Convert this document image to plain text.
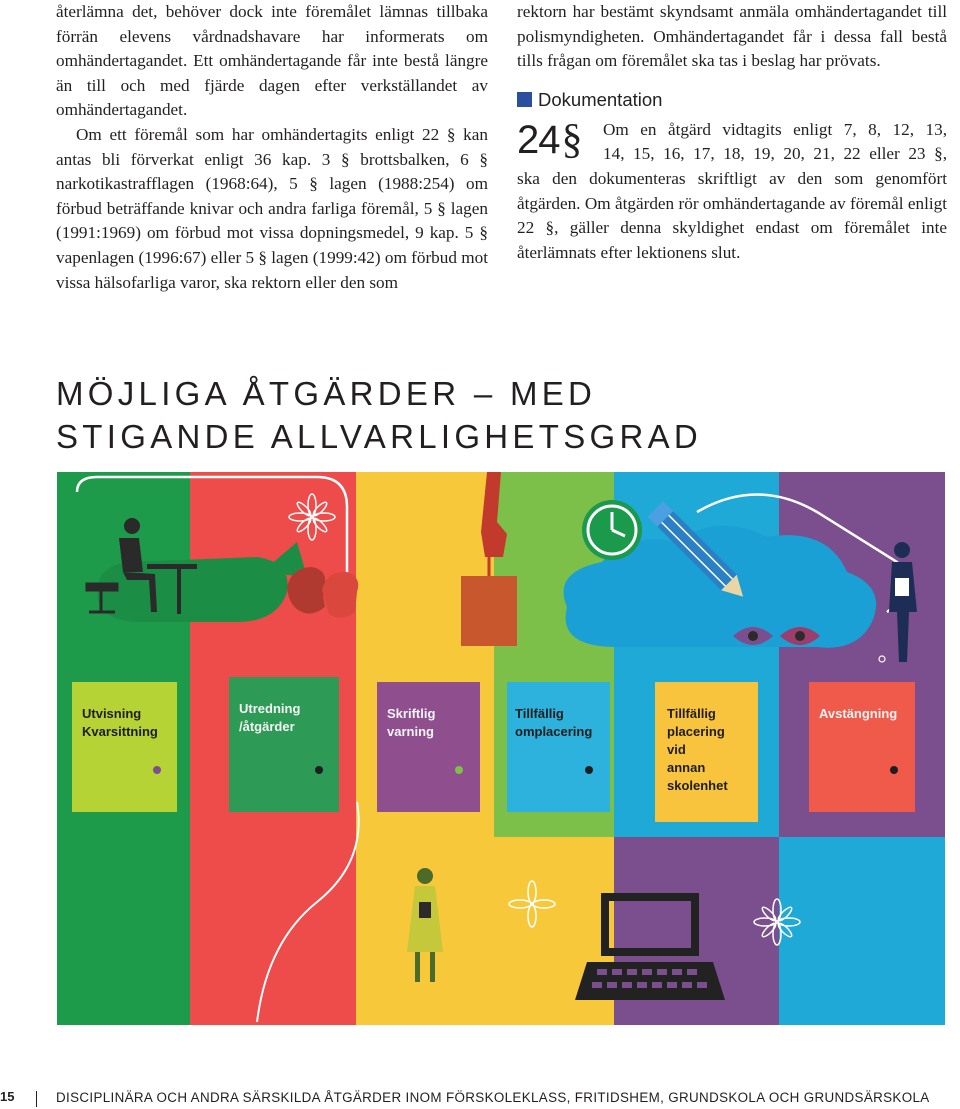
återlämna det, behöver dock inte föremålet lämnas tillbaka förrän elevens vårdnadshavare har informerats om omhändertagandet. Ett omhändertagande får inte bestå längre än till och med fjärde dagen efter verkställandet av omhändertagandet.

Om ett föremål som har omhändertagits enligt 22 § kan antas bli förverkat enligt 36 kap. 3 § brottsbalken, 6 § narkotikastrafflagen (1968:64), 5 § lagen (1988:254) om förbud beträffande knivar och andra farliga föremål, 5 § lagen (1991:1969) om förbud mot vissa dopningsmedel, 9 kap. 5 § vapenlagen (1996:67) eller 5 § lagen (1999:42) om förbud mot vissa hälsofarliga varor, ska rektorn eller den som

rektorn har bestämt skyndsamt anmäla omhändertagandet till polismyndigheten. Omhändertagandet får i dessa fall bestå tills frågan om föremålet ska tas i beslag har prövats.

Dokumentation
24§ Om en åtgärd vidtagits enligt 7, 8, 12, 13,
14, 15, 16, 17, 18, 19, 20, 21, 22 eller 23 §,
ska den dokumenteras skriftligt av den som genomfört åtgärden. Om åtgärden rör omhändertagande av föremål enligt 22 §, gäller denna skyldighet endast om föremålet inte återlämnats efter lektionens slut.

MÖJLIGA ÅTGÄRDER – MED
STIGANDE ALLVARLIGHETSGRAD
Utvisning
Kvarsittning
Utredning
/åtgärder
Skriftlig
varning
Tillfällig
omplacering
Tillfällig
placering
vid
annan
skolenhet
Avstängning
15	DISCIPLINÄRA OCH ANDRA SÄRSKILDA ÅTGÄRDER INOM FÖRSKOLEKLASS, FRITIDSHEM, GRUNDSKOLA OCH GRUNDSÄRSKOLA
